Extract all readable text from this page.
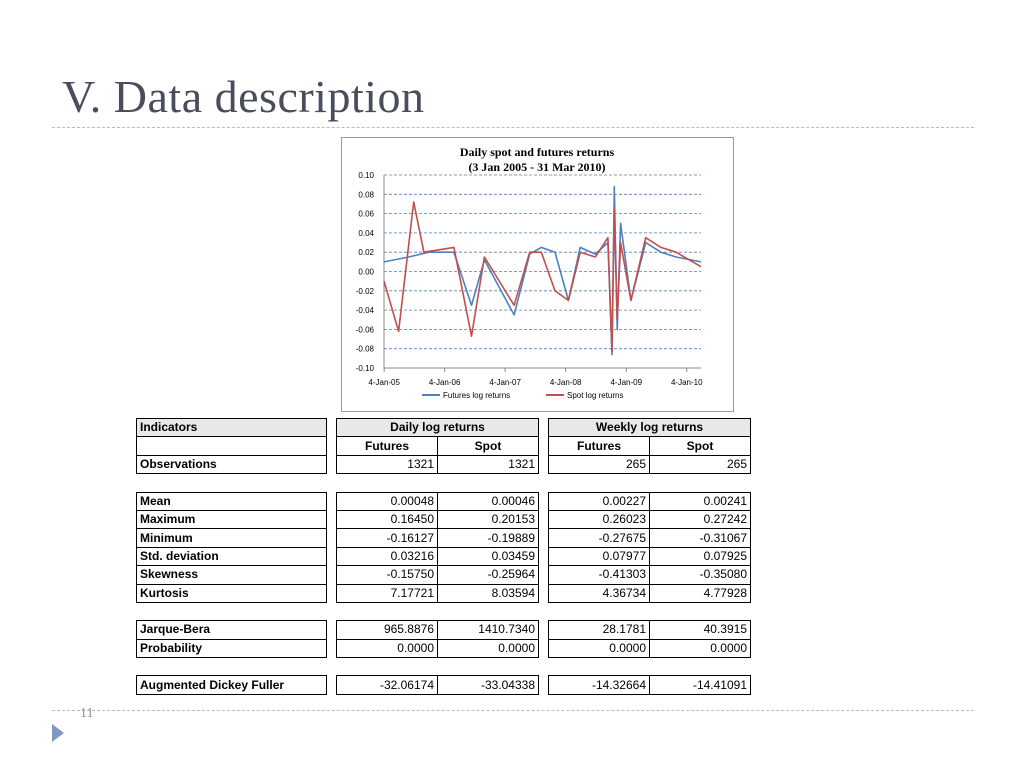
V. Data description
Daily spot and futures returns
(3 Jan 2005 - 31 Mar 2010)
0.10
0.08
0.06
0.04
0.02
0.00
-0.02
-0.04
-0.06
-0.08
-0.10
4-Jan-05	4-Jan-06	4-Jan-07	4-Jan-08	4-Jan-09	4-Jan-10
Futures log returns	Spot log returns
Indicators		Daily log returns			Weekly log returns	
		Futures	Spot		Futures	Spot
Observations		1321	1321		265	265

Mean		0.00048	0.00046		0.00227	0.00241
Maximum		0.16450	0.20153		0.26023	0.27242
Minimum		-0.16127	-0.19889		-0.27675	-0.31067
Std. deviation		0.03216	0.03459		0.07977	0.07925
Skewness		-0.15750	-0.25964		-0.41303	-0.35080
Kurtosis		7.17721	8.03594		4.36734	4.77928

Jarque-Bera		965.8876	1410.7340		28.1781	40.3915
Probability		0.0000	0.0000		0.0000	0.0000

Augmented Dickey Fuller		-32.06174	-33.04338		-14.32664	-14.41091
11
